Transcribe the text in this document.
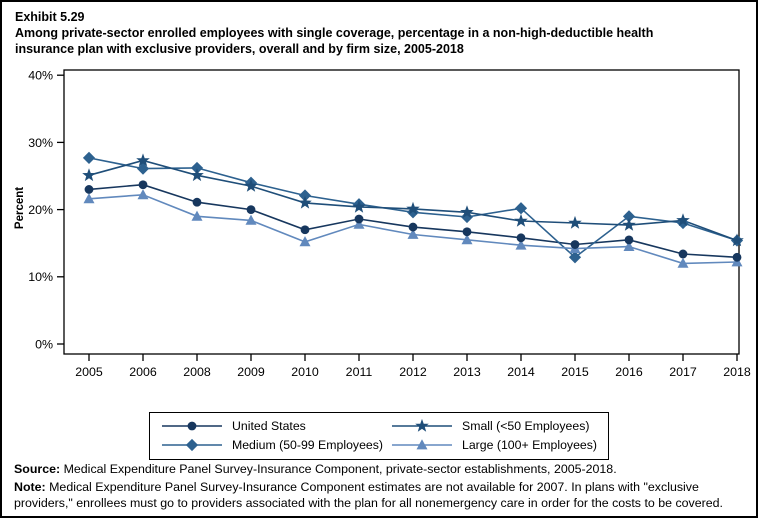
Exhibit 5.29
Among private-sector enrolled employees with single coverage, percentage in a non-high-deductible health insurance plan with exclusive providers, overall and by firm size, 2005-2018
Percent
0%
10%
20%
30%
40%
2005 2006 2008 2009 2010 2011 2012 2013 2014 2015 2016 2017 2018
United States	Small (<50 Employees)
Medium (50-99 Employees)	Large (100+ Employees)

Source: Medical Expenditure Panel Survey-Insurance Component, private-sector establishments, 2005-2018.

Note: Medical Expenditure Panel Survey-Insurance Component estimates are not available for 2007. In plans with "exclusive providers," enrollees must go to providers associated with the plan for all nonemergency care in order for the costs to be covered.
